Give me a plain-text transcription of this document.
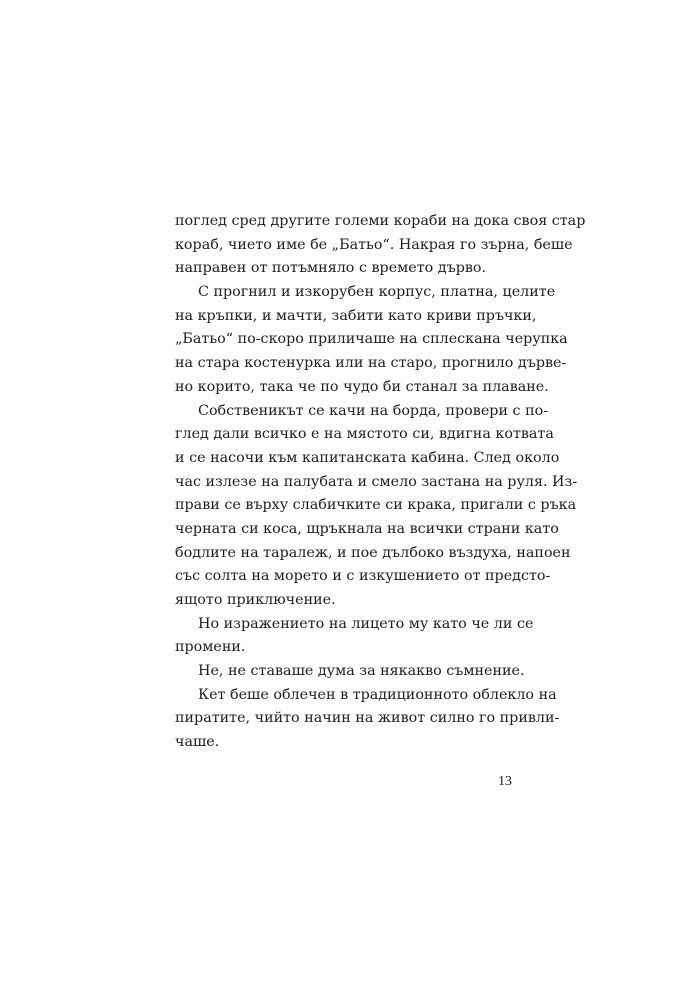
поглед сред другите големи кораби на дока своя стар
кораб, чието име бе „Батьо“. Накрая го зърна, беше
направен от потъмняло с времето дърво.

С прогнил и изкорубен корпус, платна, целите
на кръпки, и мачти, забити като криви пръчки,
„Батьо“ по-скоро приличаше на сплескана черупка
на стара костенурка или на старо, прогнило дърве-
но корито, така че по чудо би станал за плаване.

Собственикът се качи на борда, провери с по-
глед дали всичко е на мястото си, вдигна котвата
и се насочи към капитанската кабина. След около
час излезе на палубата и смело застана на руля. Из-
прави се върху слабичките си крака, пригали с ръка
черната си коса, щръкнала на всички страни като
бодлите на таралеж, и пое дълбоко въздуха, напоен
със солта на морето и с изкушението от предсто-
ящото приключение.

Но изражението на лицето му като че ли се
промени.

Не, не ставаше дума за някакво съмнение.

Кет беше облечен в традиционното облекло на
пиратите, чийто начин на живот силно го привли-
чаше.

13
